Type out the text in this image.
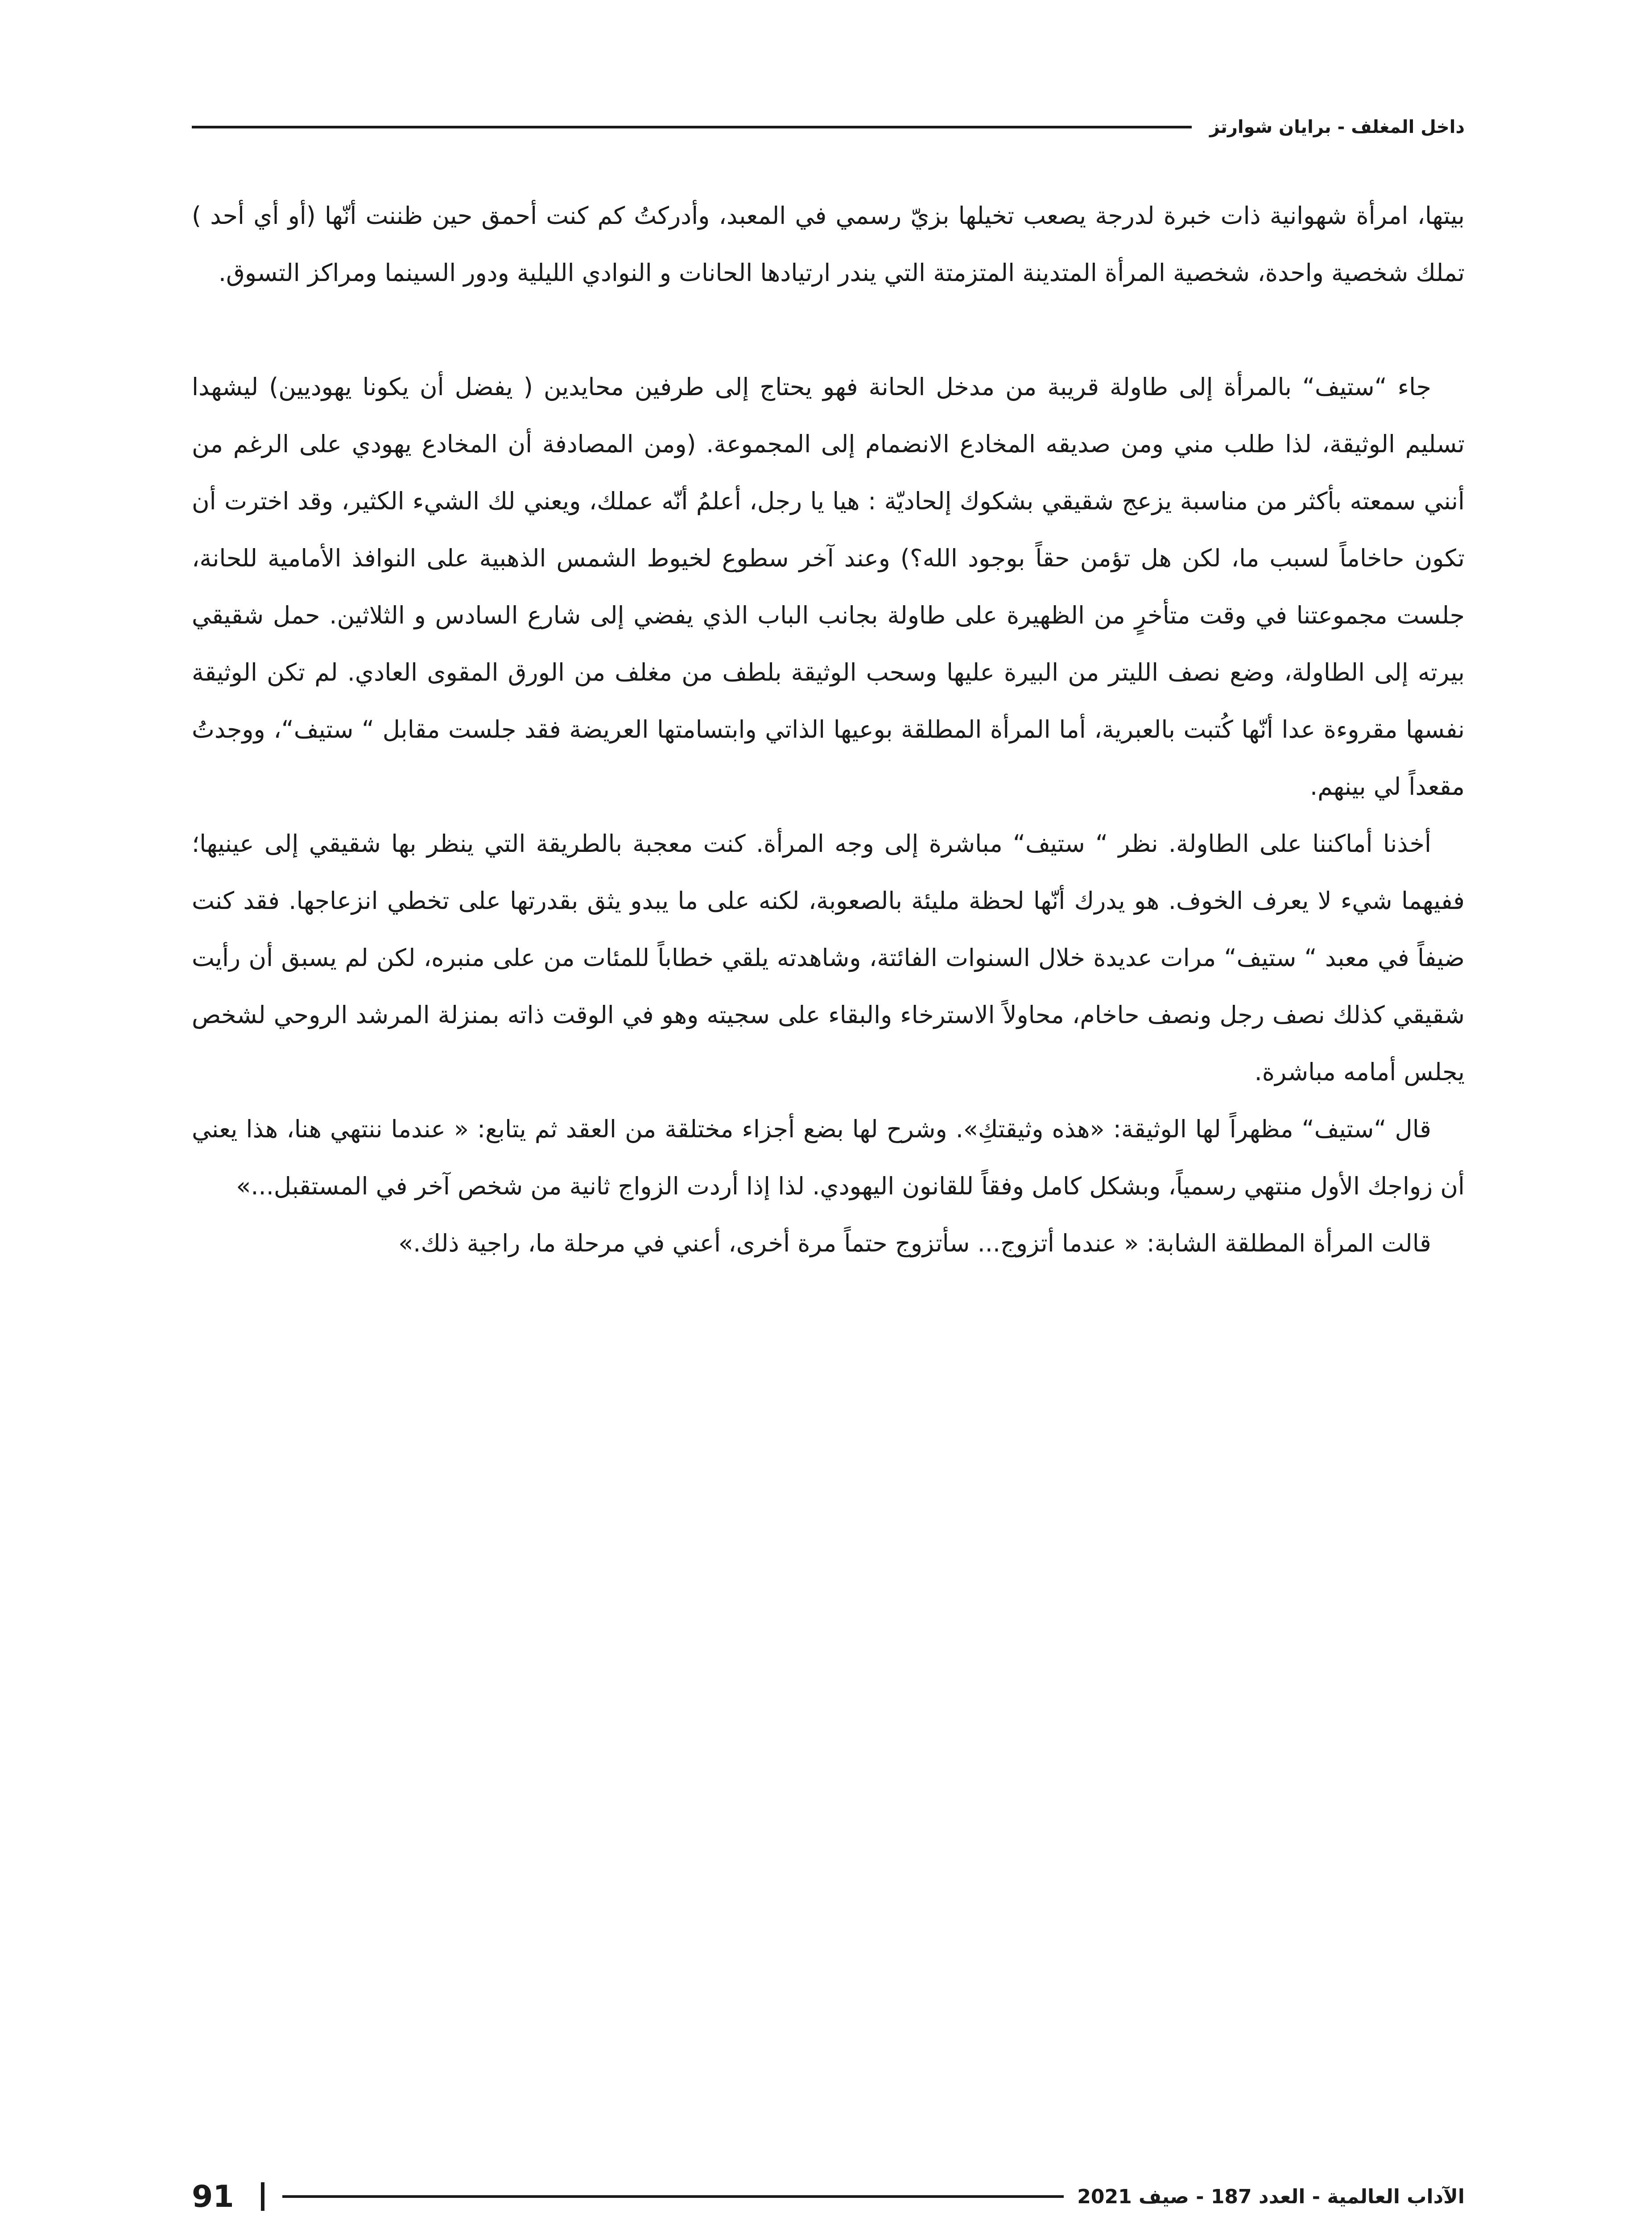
داخل المغلف - برايان شوارتز

بيتها، امرأة شهوانية ذات خبرة لدرجة يصعب تخيلها بزيّ رسمي في المعبد، وأدركتُ كم كنت أحمق حين ظننت أنّها (أو أي أحد ) تملك شخصية واحدة، شخصية المرأة المتدينة المتزمتة التي يندر ارتيادها الحانات و النوادي الليلية ودور السينما ومراكز التسوق.

جاء “ستيف“ بالمرأة إلى طاولة قريبة من مدخل الحانة فهو يحتاج إلى طرفين محايدين ( يفضل أن يكونا يهوديين) ليشهدا تسليم الوثيقة، لذا طلب مني ومن صديقه المخادع الانضمام إلى المجموعة. (ومن المصادفة أن المخادع يهودي على الرغم من أنني سمعته بأكثر من مناسبة يزعج شقيقي بشكوك إلحاديّة : هيا يا رجل، أعلمُ أنّه عملك، ويعني لك الشيء الكثير، وقد اخترت أن تكون حاخاماً لسبب ما، لكن هل تؤمن حقاً بوجود الله؟) وعند آخر سطوع لخيوط الشمس الذهبية على النوافذ الأمامية للحانة، جلست مجموعتنا في وقت متأخرٍ من الظهيرة على طاولة بجانب الباب الذي يفضي إلى شارع السادس و الثلاثين. حمل شقيقي بيرته إلى الطاولة، وضع نصف الليتر من البيرة عليها وسحب الوثيقة بلطف من مغلف من الورق المقوى العادي. لم تكن الوثيقة نفسها مقروءة عدا أنّها كُتبت بالعبرية، أما المرأة المطلقة بوعيها الذاتي وابتسامتها العريضة فقد جلست مقابل “ ستيف“، ووجدتُ مقعداً لي بينهم.

أخذنا أماكننا على الطاولة. نظر “ ستيف“ مباشرة إلى وجه المرأة. كنت معجبة بالطريقة التي ينظر بها شقيقي إلى عينيها؛ ففيهما شيء لا يعرف الخوف. هو يدرك أنّها لحظة مليئة بالصعوبة، لكنه على ما يبدو يثق بقدرتها على تخطي انزعاجها. فقد كنت ضيفاً في معبد “ ستيف“ مرات عديدة خلال السنوات الفائتة، وشاهدته يلقي خطاباً للمئات من على منبره، لكن لم يسبق أن رأيت شقيقي كذلك نصف رجل ونصف حاخام، محاولاً الاسترخاء والبقاء على سجيته وهو في الوقت ذاته بمنزلة المرشد الروحي لشخص يجلس أمامه مباشرة.

قال “ستيف“ مظهراً لها الوثيقة: «هذه وثيقتكِ». وشرح لها بضع أجزاء مختلقة من العقد ثم يتابع: « عندما ننتهي هنا، هذا يعني أن زواجك الأول منتهي رسمياً، وبشكل كامل وفقاً للقانون اليهودي. لذا إذا أردت الزواج ثانية من شخص آخر في المستقبل...»

قالت المرأة المطلقة الشابة: « عندما أتزوج... سأتزوج حتماً مرة أخرى، أعني في مرحلة ما، راجية ذلك.»

الآداب العالمية - العدد 187 - صيف 2021
91
